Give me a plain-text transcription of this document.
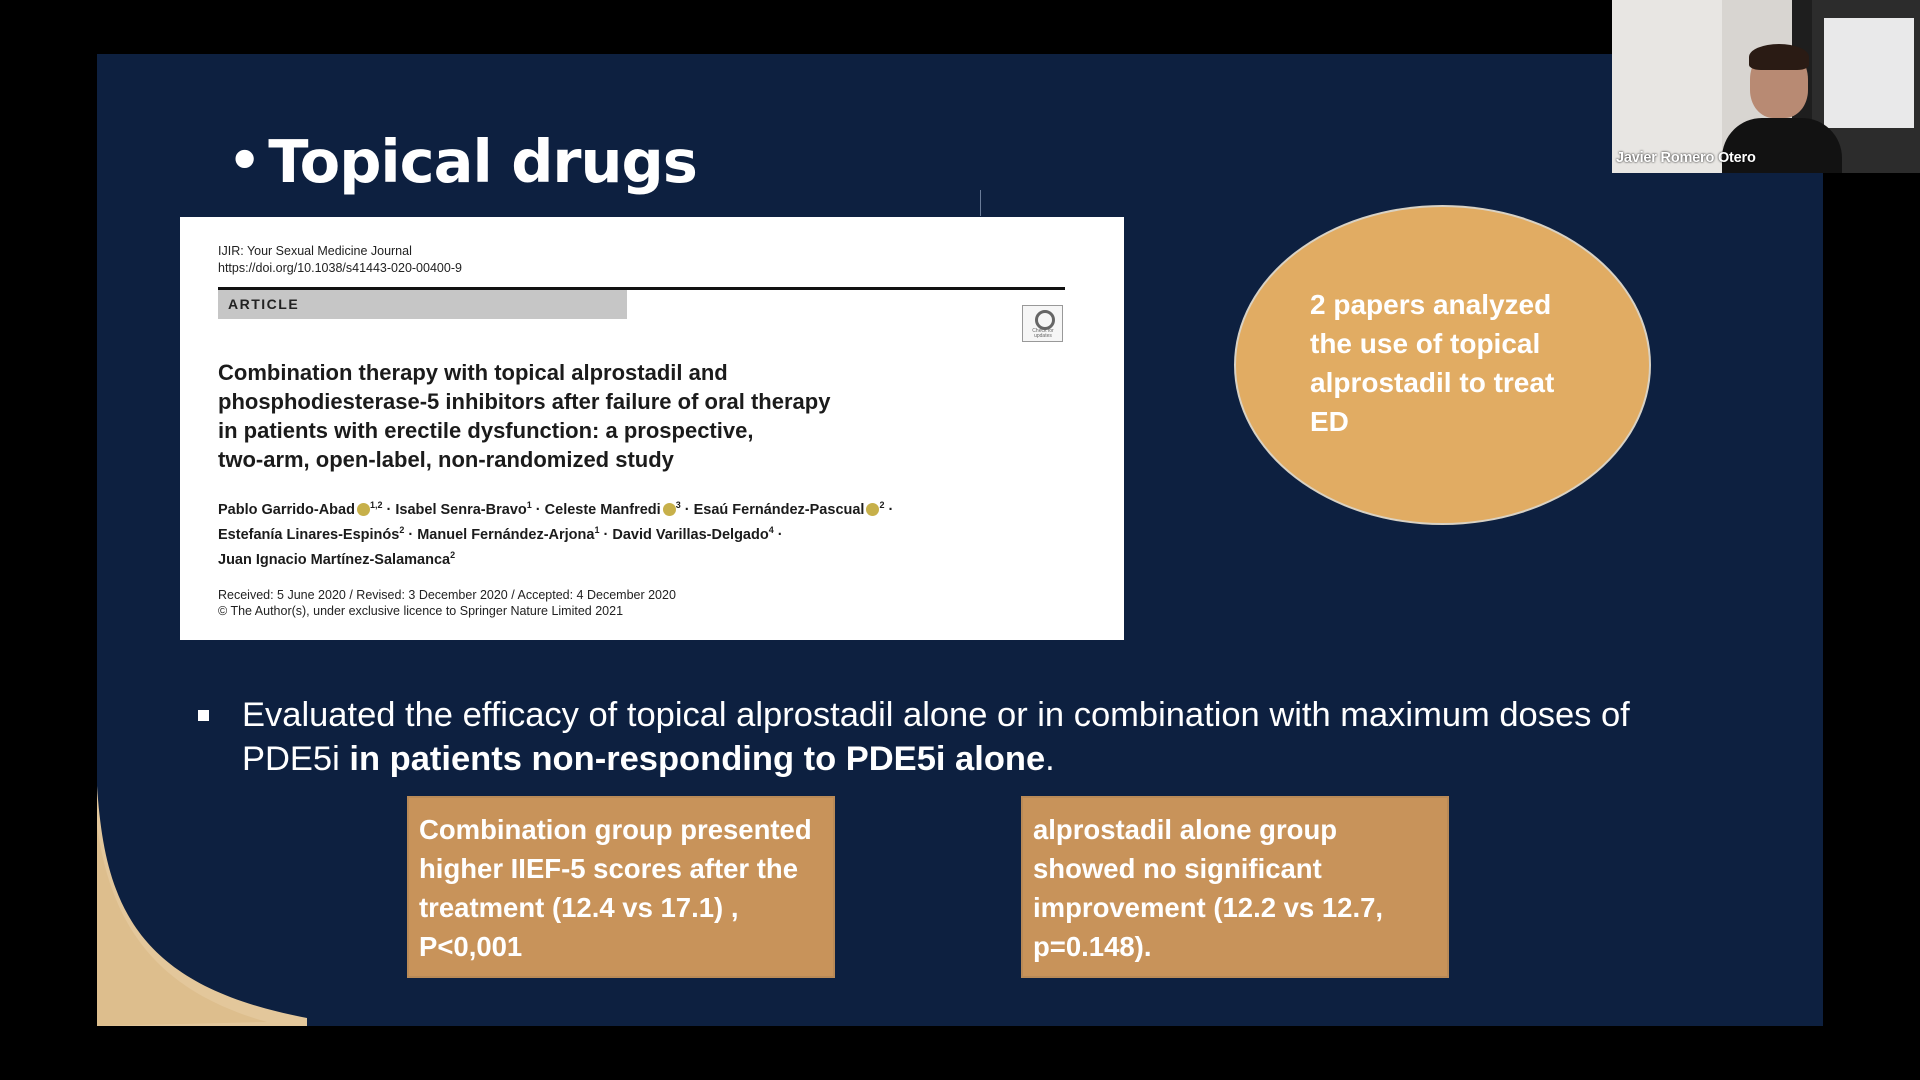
• Topical drugs
IJIR: Your Sexual Medicine Journal
https://doi.org/10.1038/s41443-020-00400-9
ARTICLE
Check for updates
Combination therapy with topical alprostadil and
phosphodiesterase-5 inhibitors after failure of oral therapy
in patients with erectile dysfunction: a prospective,
two-arm, open-label, non-randomized study
Pablo Garrido-Abad $^{1,2}$ · Isabel Senra-Bravo$^1$ · Celeste Manfredi $^3$ · Esaú Fernández-Pascual $^2$ ·
Estefanía Linares-Espinós$^2$ · Manuel Fernández-Arjona$^1$ · David Varillas-Delgado$^4$ ·
Juan Ignacio Martínez-Salamanca$^2$
Received: 5 June 2020 / Revised: 3 December 2020 / Accepted: 4 December 2020
© The Author(s), under exclusive licence to Springer Nature Limited 2021
2 papers analyzed the use of topical alprostadil to treat ED
Evaluated the efficacy of topical alprostadil alone or in combination with maximum doses of PDE5i in patients non-responding to PDE5i alone.
Combination group presented higher IIEF-5 scores after the treatment (12.4 vs 17.1) , P<0,001
alprostadil alone group showed no significant improvement (12.2 vs 12.7, p=0.148).
Javier Romero Otero
